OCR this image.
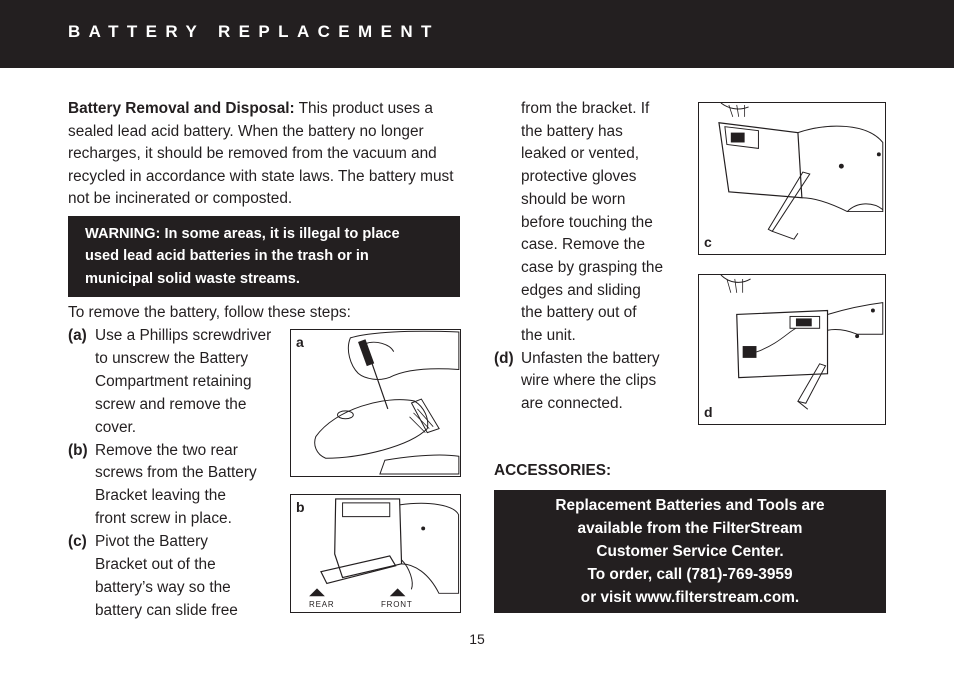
BATTERY REPLACEMENT

Battery Removal and Disposal: This product uses a sealed lead acid battery. When the battery no longer recharges, it should be removed from the vacuum and recycled in accordance with state laws. The battery must not be incinerated or composted.

WARNING: In some areas, it is illegal to place
used lead acid batteries in the trash or in
municipal solid waste streams.
To remove the battery, follow these steps:
(a) Use a Phillips screwdriver
to unscrew the Battery
Compartment retaining
screw and remove the
cover.
(b) Remove the two rear
screws from the Battery
Bracket leaving the
front screw in place.
(c) Pivot the Battery
Bracket out of the
battery’s way so the
battery can slide free
a
b
REAR	FRONT
from the bracket. If
the battery has
leaked or vented,
protective gloves
should be worn
before touching the
case. Remove the
case by grasping the
edges and sliding
the battery out of
the unit.
(d) Unfasten the battery
wire where the clips
are connected.
c
d
ACCESSORIES:
Replacement Batteries and Tools are
available from the FilterStream
Customer Service Center.
To order, call (781)-769-3959
or visit www.filterstream.com.
15
